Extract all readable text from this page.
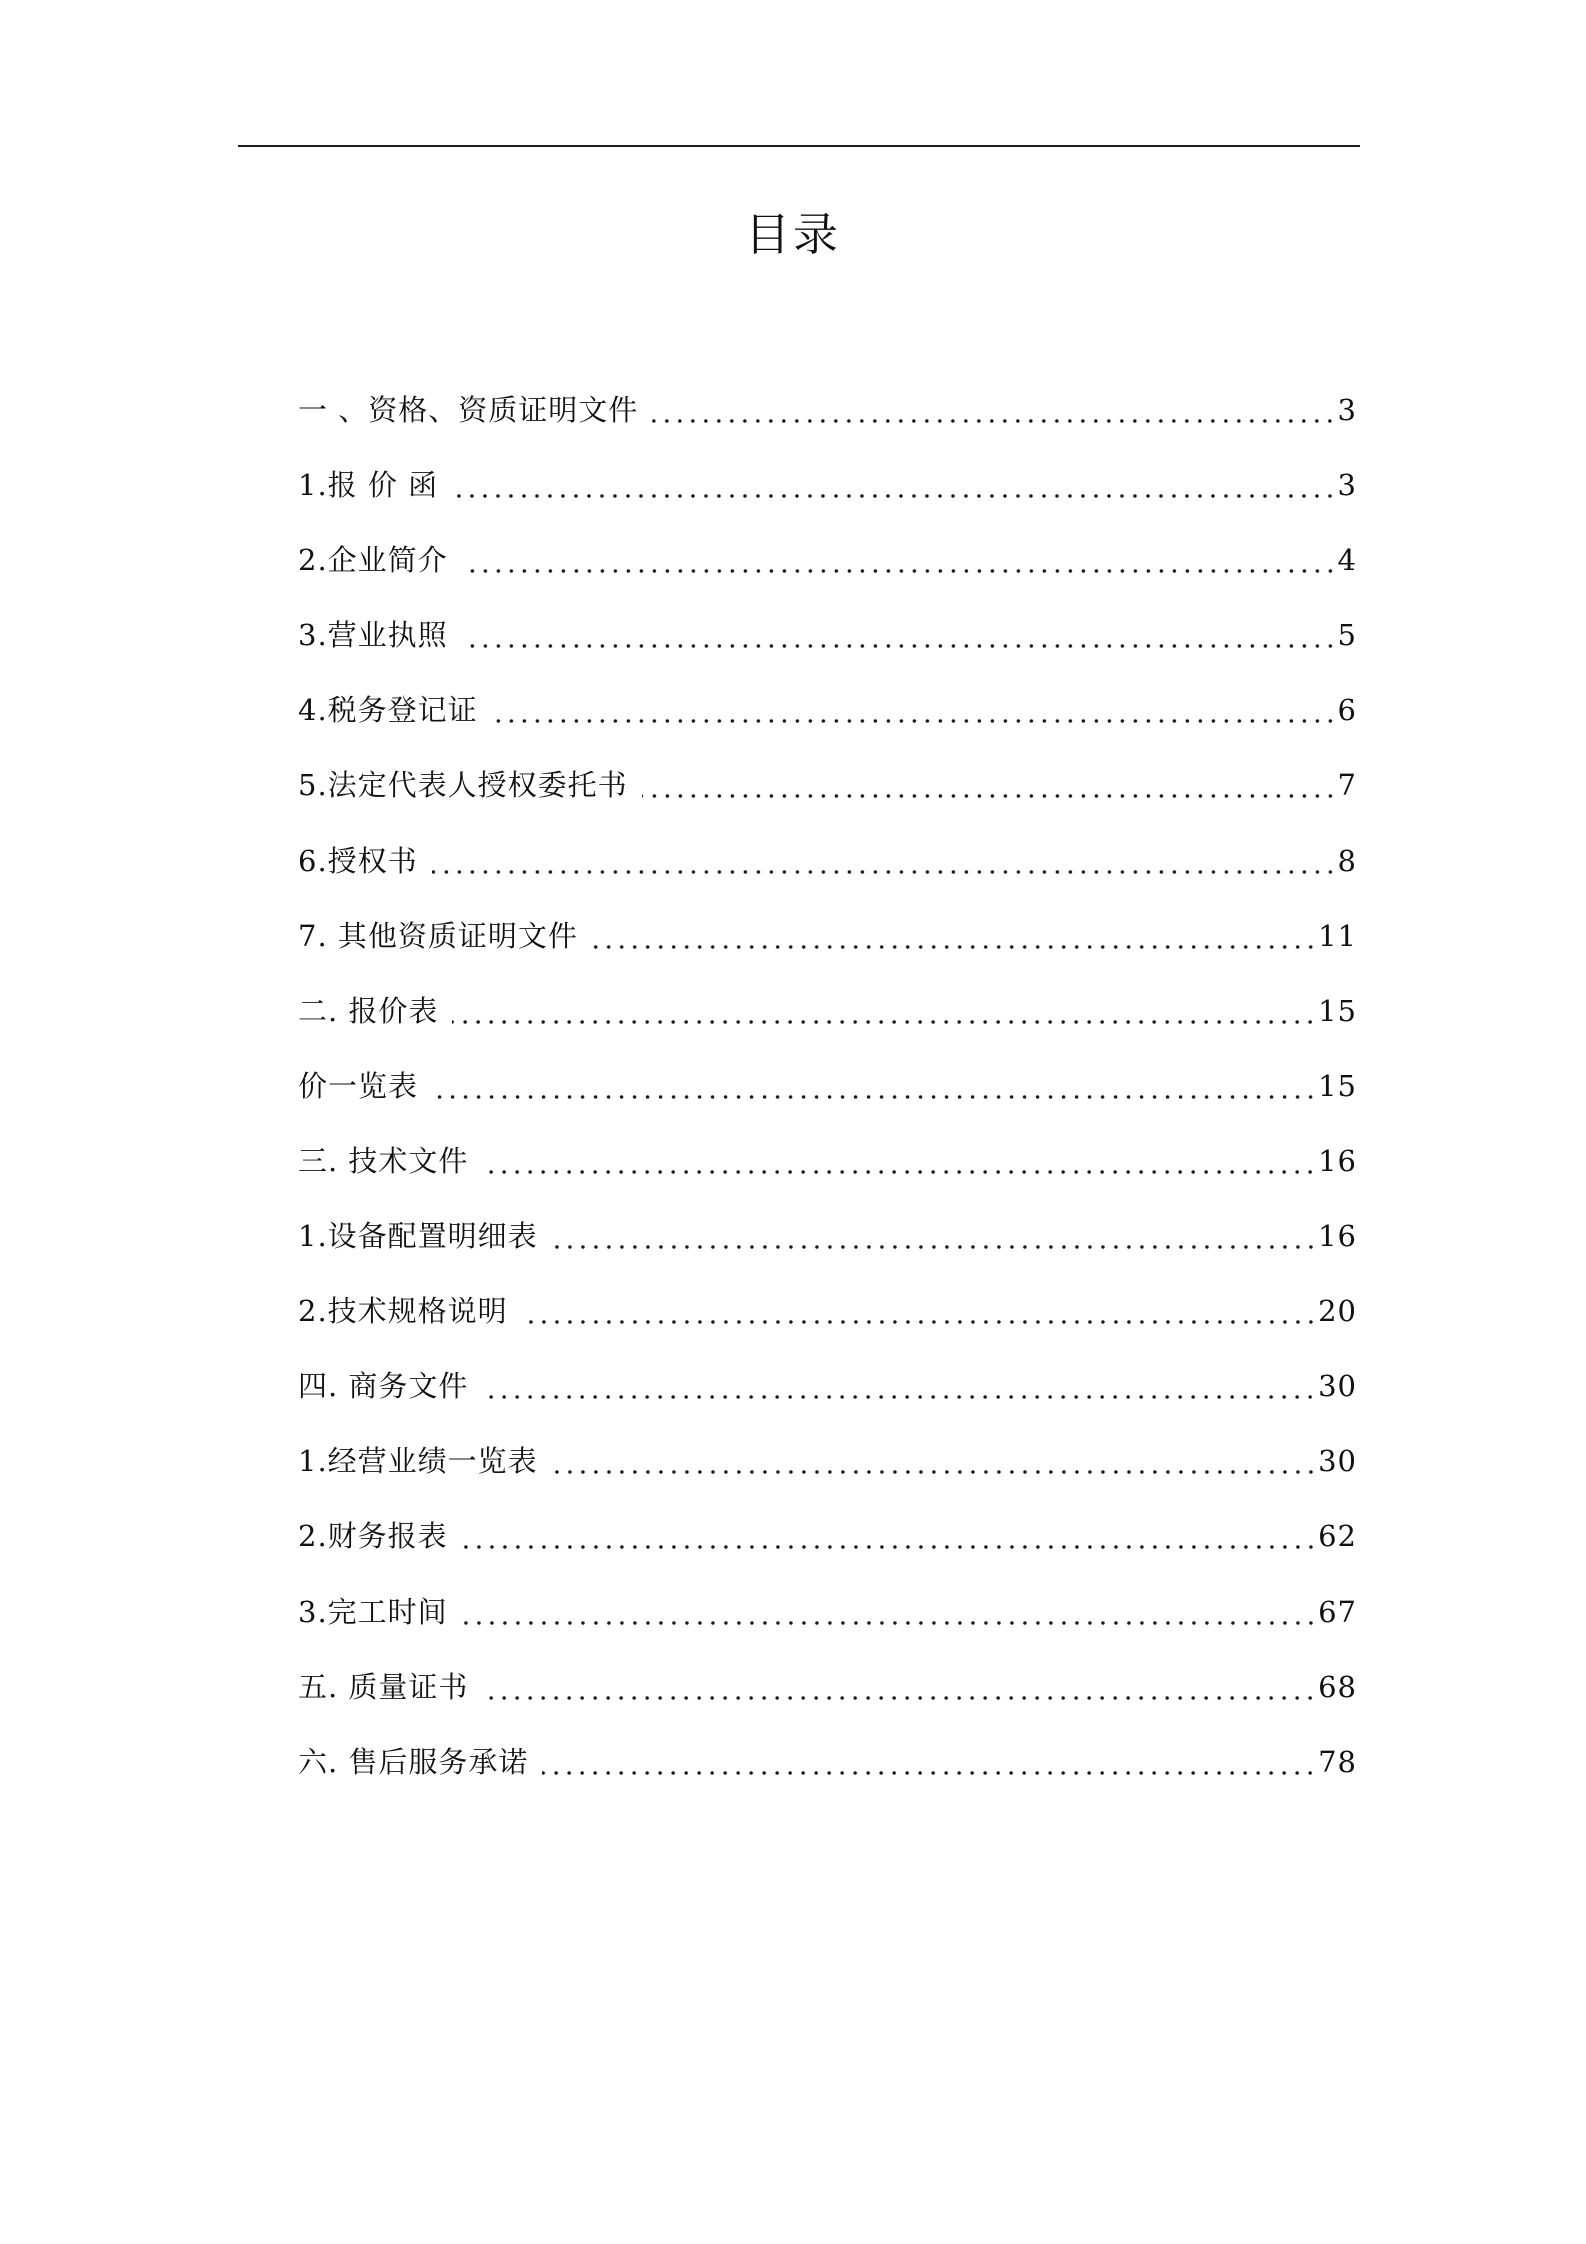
目录
一 、资格、资质证明文件	3
1.报 价 函	3
2.企业简介	4
3.营业执照	5
4.税务登记证	6
5.法定代表人授权委托书	7
6.授权书	8
7. 其他资质证明文件	11
二. 报价表	15
价一览表	15
三. 技术文件	16
1.设备配置明细表	16
2.技术规格说明	20
四. 商务文件	30
1.经营业绩一览表	30
2.财务报表	62
3.完工时间	67
五. 质量证书	68
六. 售后服务承诺	78
